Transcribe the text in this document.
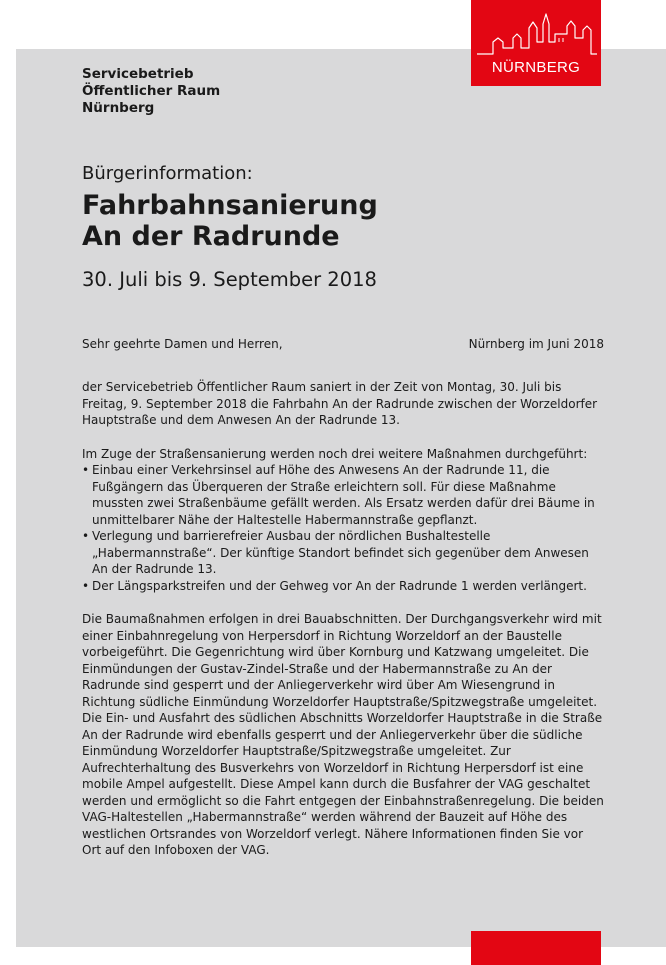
NÜRNBERG
Servicebetrieb
Öffentlicher Raum
Nürnberg
Bürgerinformation:
Fahrbahnsanierung
An der Radrunde
30. Juli bis 9. September 2018
Sehr geehrte Damen und Herren,	Nürnberg im Juni 2018

der Servicebetrieb Öffentlicher Raum saniert in der Zeit von Montag, 30. Juli bis Freitag, 9. September 2018 die Fahrbahn An der Radrunde zwischen der Worzeldorfer Hauptstraße und dem Anwesen An der Radrunde 13.

Im Zuge der Straßensanierung werden noch drei weitere Maßnahmen durchgeführt:

• Einbau einer Verkehrsinsel auf Höhe des Anwesens An der Radrunde 11, die Fußgängern das Überqueren der Straße erleichtern soll. Für diese Maßnahme mussten zwei Straßenbäume gefällt werden. Als Ersatz werden dafür drei Bäume in unmittelbarer Nähe der Haltestelle Habermannstraße gepflanzt.
• Verlegung und barrierefreier Ausbau der nördlichen Bushaltestelle „Habermannstraße“. Der künftige Standort befindet sich gegenüber dem Anwesen An der Radrunde 13.
• Der Längsparkstreifen und der Gehweg vor An der Radrunde 1 werden verlängert.

Die Baumaßnahmen erfolgen in drei Bauabschnitten. Der Durchgangsverkehr wird mit einer Einbahnregelung von Herpersdorf in Richtung Worzeldorf an der Baustelle vorbeigeführt. Die Gegenrichtung wird über Kornburg und Katzwang umgeleitet. Die Einmündungen der Gustav-Zindel-Straße und der Habermannstraße zu An der Radrunde sind gesperrt und der Anliegerverkehr wird über Am Wiesengrund in Richtung südliche Einmündung Worzeldorfer Hauptstraße/Spitzwegstraße umgeleitet. Die Ein- und Ausfahrt des südlichen Abschnitts Worzeldorfer Hauptstraße in die Straße An der Radrunde wird ebenfalls gesperrt und der Anliegerverkehr über die südliche Einmündung Worzeldorfer Hauptstraße/Spitzwegstraße umgeleitet. Zur Aufrechterhaltung des Busverkehrs von Worzeldorf in Richtung Herpersdorf ist eine mobile Ampel aufgestellt. Diese Ampel kann durch die Busfahrer der VAG geschaltet werden und ermöglicht so die Fahrt entgegen der Einbahnstraßenregelung. Die beiden VAG-Haltestellen „Habermannstraße“ werden während der Bauzeit auf Höhe des westlichen Ortsrandes von Worzeldorf verlegt. Nähere Informationen finden Sie vor Ort auf den Infoboxen der VAG.
